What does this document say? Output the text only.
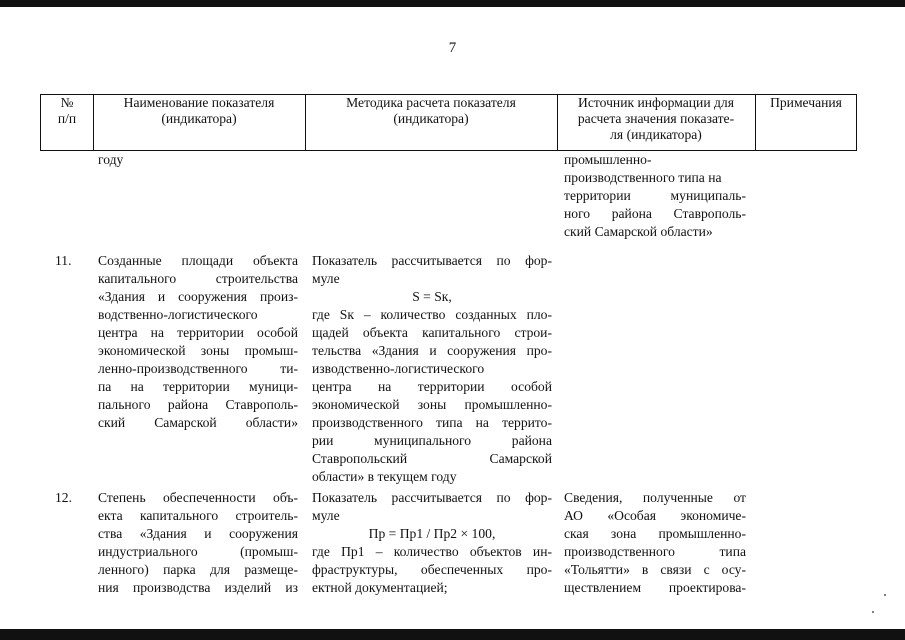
7
№
п/п
Наименование показателя
(индикатора)
Методика расчета показателя
(индикатора)
Источник информации для
расчета значения показате-
ля (индикатора)
Примечания
году	промышленно-
производственного типа на
территории муниципаль-
ного района Ставрополь-
ский Самарской области»
11. Созданные площади объекта
капитального строительства
«Здания и сооружения произ-
водственно-логистического
центра на территории особой
экономической зоны промыш-
ленно-производственного ти-
па на территории муници-
пального района Ставрополь-
ский Самарской области»
Показатель рассчитывается по фор-
муле
S = Sк,
где Sк – количество созданных пло-
щадей объекта капитального строи-
тельства «Здания и сооружения про-
изводственно-логистического
центра на территории особой
экономической зоны промышленно-
производственного типа на террито-
рии муниципального района
Ставропольский Самарской
области» в текущем году
12. Степень обеспеченности объ-
екта капитального строитель-
ства «Здания и сооружения
индустриального (промыш-
ленного) парка для размеще-
ния производства изделий из
Показатель рассчитывается по фор-
муле
Пр = Пр1 / Пр2 × 100,
где Пр1 – количество объектов ин-
фраструктуры, обеспеченных про-
ектной документацией;
Сведения, полученные от
АО «Особая экономиче-
ская зона промышленно-
производственного типа
«Тольятти» в связи с осу-
ществлением проектирова-
